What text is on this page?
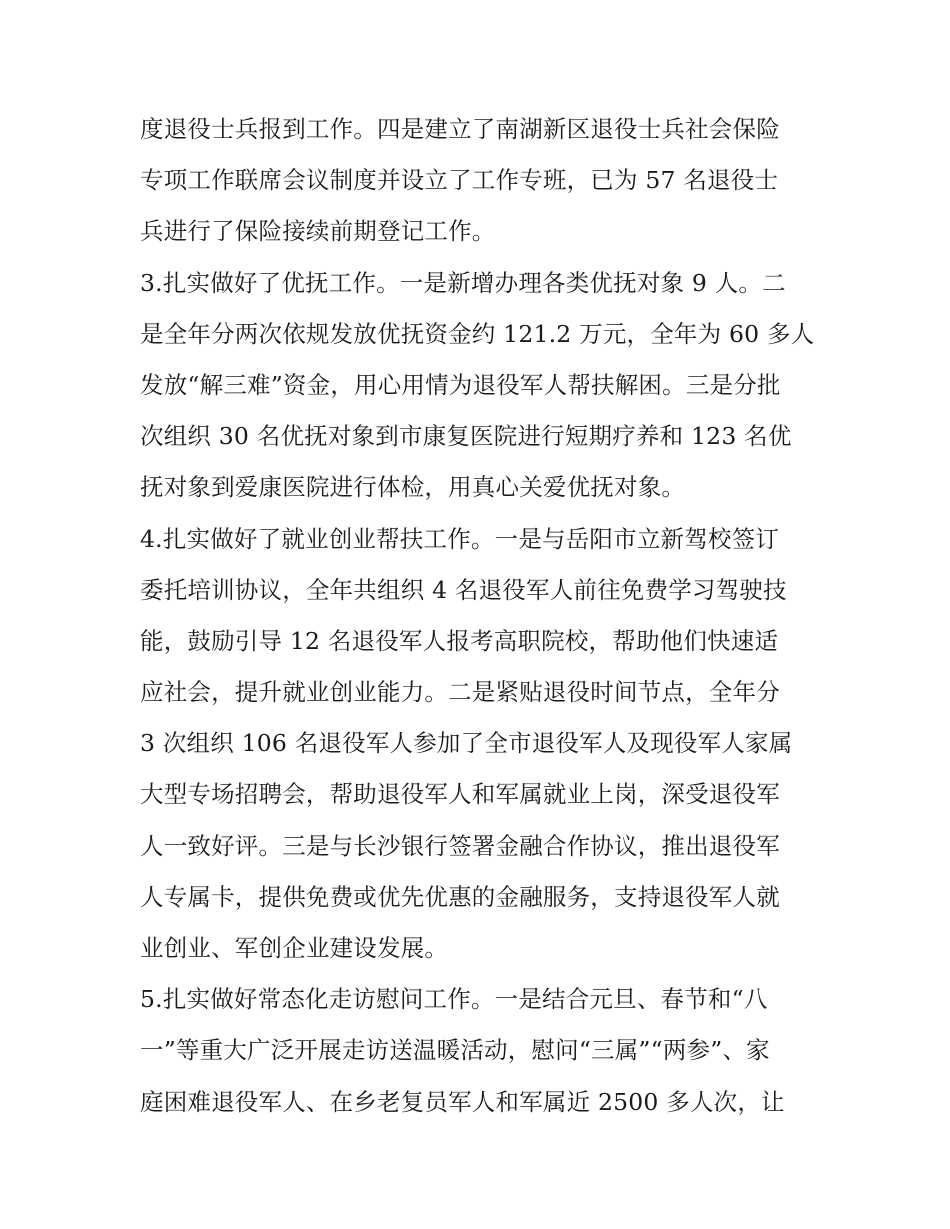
度退役士兵报到工作。四是建立了南湖新区退役士兵社会保险
专项工作联席会议制度并设立了工作专班，已为 57 名退役士
兵进行了保险接续前期登记工作。
3.扎实做好了优抚工作。一是新增办理各类优抚对象 9 人。二
是全年分两次依规发放优抚资金约 121.2 万元，全年为 60 多人
发放“解三难”资金，用心用情为退役军人帮扶解困。三是分批
次组织 30 名优抚对象到市康复医院进行短期疗养和 123 名优
抚对象到爱康医院进行体检，用真心关爱优抚对象。
4.扎实做好了就业创业帮扶工作。一是与岳阳市立新驾校签订
委托培训协议，全年共组织 4 名退役军人前往免费学习驾驶技
能，鼓励引导 12 名退役军人报考高职院校，帮助他们快速适
应社会，提升就业创业能力。二是紧贴退役时间节点，全年分
3 次组织 106 名退役军人参加了全市退役军人及现役军人家属
大型专场招聘会，帮助退役军人和军属就业上岗，深受退役军
人一致好评。三是与长沙银行签署金融合作协议，推出退役军
人专属卡，提供免费或优先优惠的金融服务，支持退役军人就
业创业、军创企业建设发展。
5.扎实做好常态化走访慰问工作。一是结合元旦、春节和“八
一”等重大广泛开展走访送温暖活动，慰问“三属”“两参”、家
庭困难退役军人、在乡老复员军人和军属近 2500 多人次，让
